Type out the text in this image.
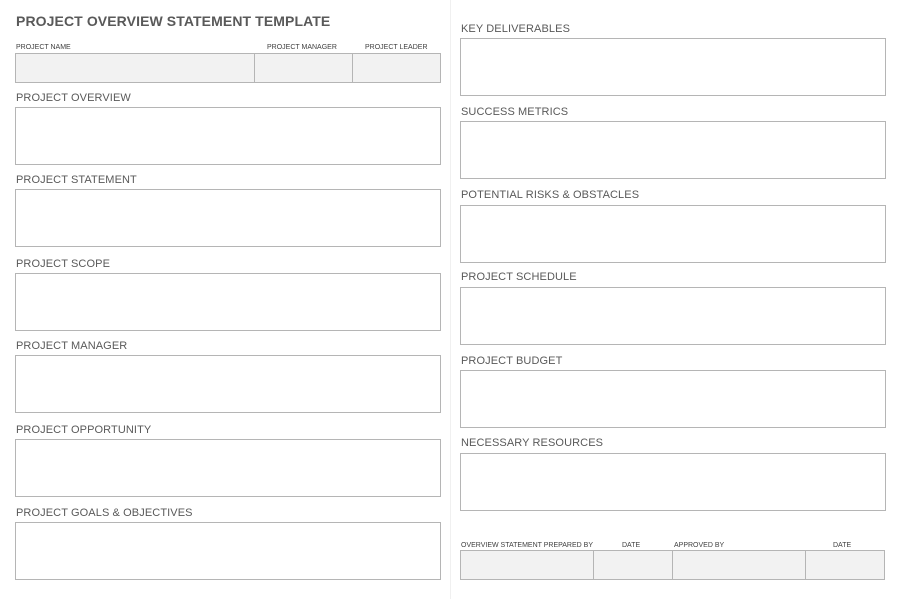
PROJECT OVERVIEW STATEMENT TEMPLATE
PROJECT NAME	PROJECT MANAGER	PROJECT LEADER
PROJECT OVERVIEW
PROJECT STATEMENT
PROJECT SCOPE
PROJECT MANAGER
PROJECT OPPORTUNITY
PROJECT GOALS & OBJECTIVES
KEY DELIVERABLES
SUCCESS METRICS
POTENTIAL RISKS & OBSTACLES
PROJECT SCHEDULE
PROJECT BUDGET
NECESSARY RESOURCES
OVERVIEW STATEMENT PREPARED BY	DATE	APPROVED BY	DATE
